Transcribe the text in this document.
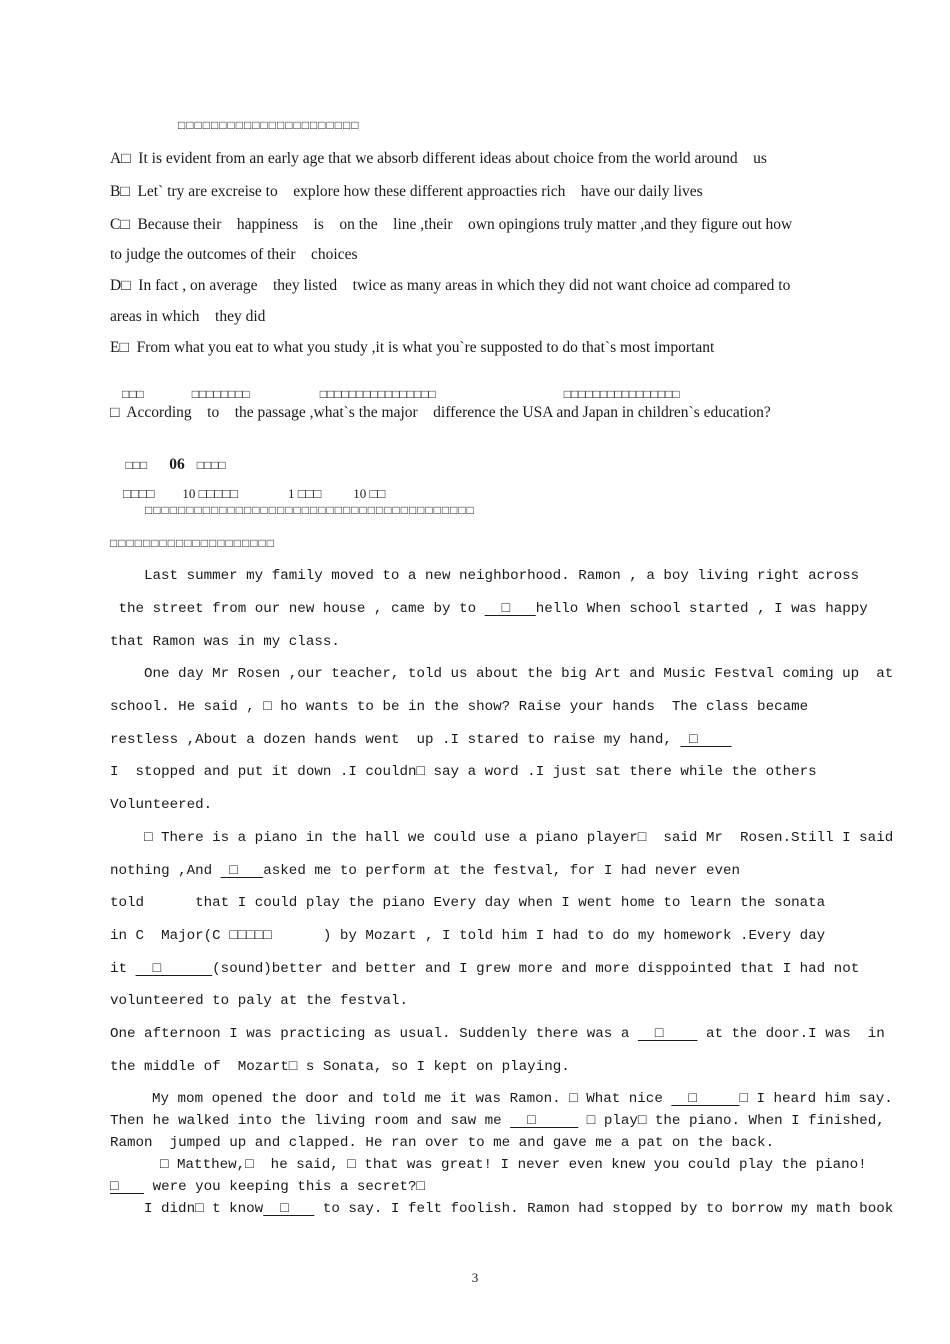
□□□□□□□□□□□□□□□□□□□□□□
A□  It is evident from an early age that we absorb different ideas about choice from the world around    us
B□  Let` try are excreise to    explore how these different approacties rich    have our daily lives
C□  Because their    happiness    is    on the    line ,their    own opingions truly matter ,and they figure out how
to judge the outcomes of their    choices
D□  In fact , on average    they listed    twice as many areas in which they did not want choice ad compared to
areas in which    they did
E□  From what you eat to what you study ,it is what you`re supposted to do that`s most important

□□□	□□□□□□□□	□□□□□□□□□□□□□□□□	□□□□□□□□□□□□□□□□

□  According    to    the passage ,what`s the major    difference the USA and Japan in children`s education?

□□□ 06 □□□□

□□□□ 10 □□□□□	1 □□□ 10 □□

□□□□□□□□□□□□□□□□□□□□□□□□□□□□□□□□□□□□□□□□
□□□□□□□□□□□□□□□□□□□□
Last summer my family moved to a new neighborhood. Ramon , a boy living right across
the street from our new house , came by to   □   hello When school started , I was happy
that Ramon was in my class.
One day Mr Rosen ,our teacher, told us about the big Art and Music Festval coming up  at
school. He said , □ ho wants to be in the show? Raise your hands  The class became
restless ,About a dozen hands went  up .I stared to raise my hand,  □
I  stopped and put it down .I couldn□ say a word .I just sat there while the others
Volunteered.
□ There is a piano in the hall we could use a piano player□  said Mr  Rosen.Still I said
nothing ,And  □   asked me to perform at the festval, for I had never even
told      that I could play the piano Every day when I went home to learn the sonata
in C  Major(C □□□□□      ) by Mozart , I told him I had to do my homework .Every day
it   □      (sound)better and better and I grew more and more disppointed that I had not
volunteered to paly at the festval.
One afternoon I was practicing as usual. Suddenly there was a   □     at the door.I was  in
the middle of  Mozart□ s Sonata, so I kept on playing.
My mom opened the door and told me it was Ramon. □ What nice   □     □ I heard him say.
Then he walked into the living room and saw me   □      □ play□ the piano. When I finished,
Ramon  jumped up and clapped. He ran over to me and gave me a pat on the back.
□ Matthew,□  he said, □ that was great! I never even knew you could play the piano!
□    were you keeping this a secret?□
I didn□ t know  □    to say. I felt foolish. Ramon had stopped by to borrow my math book
3
